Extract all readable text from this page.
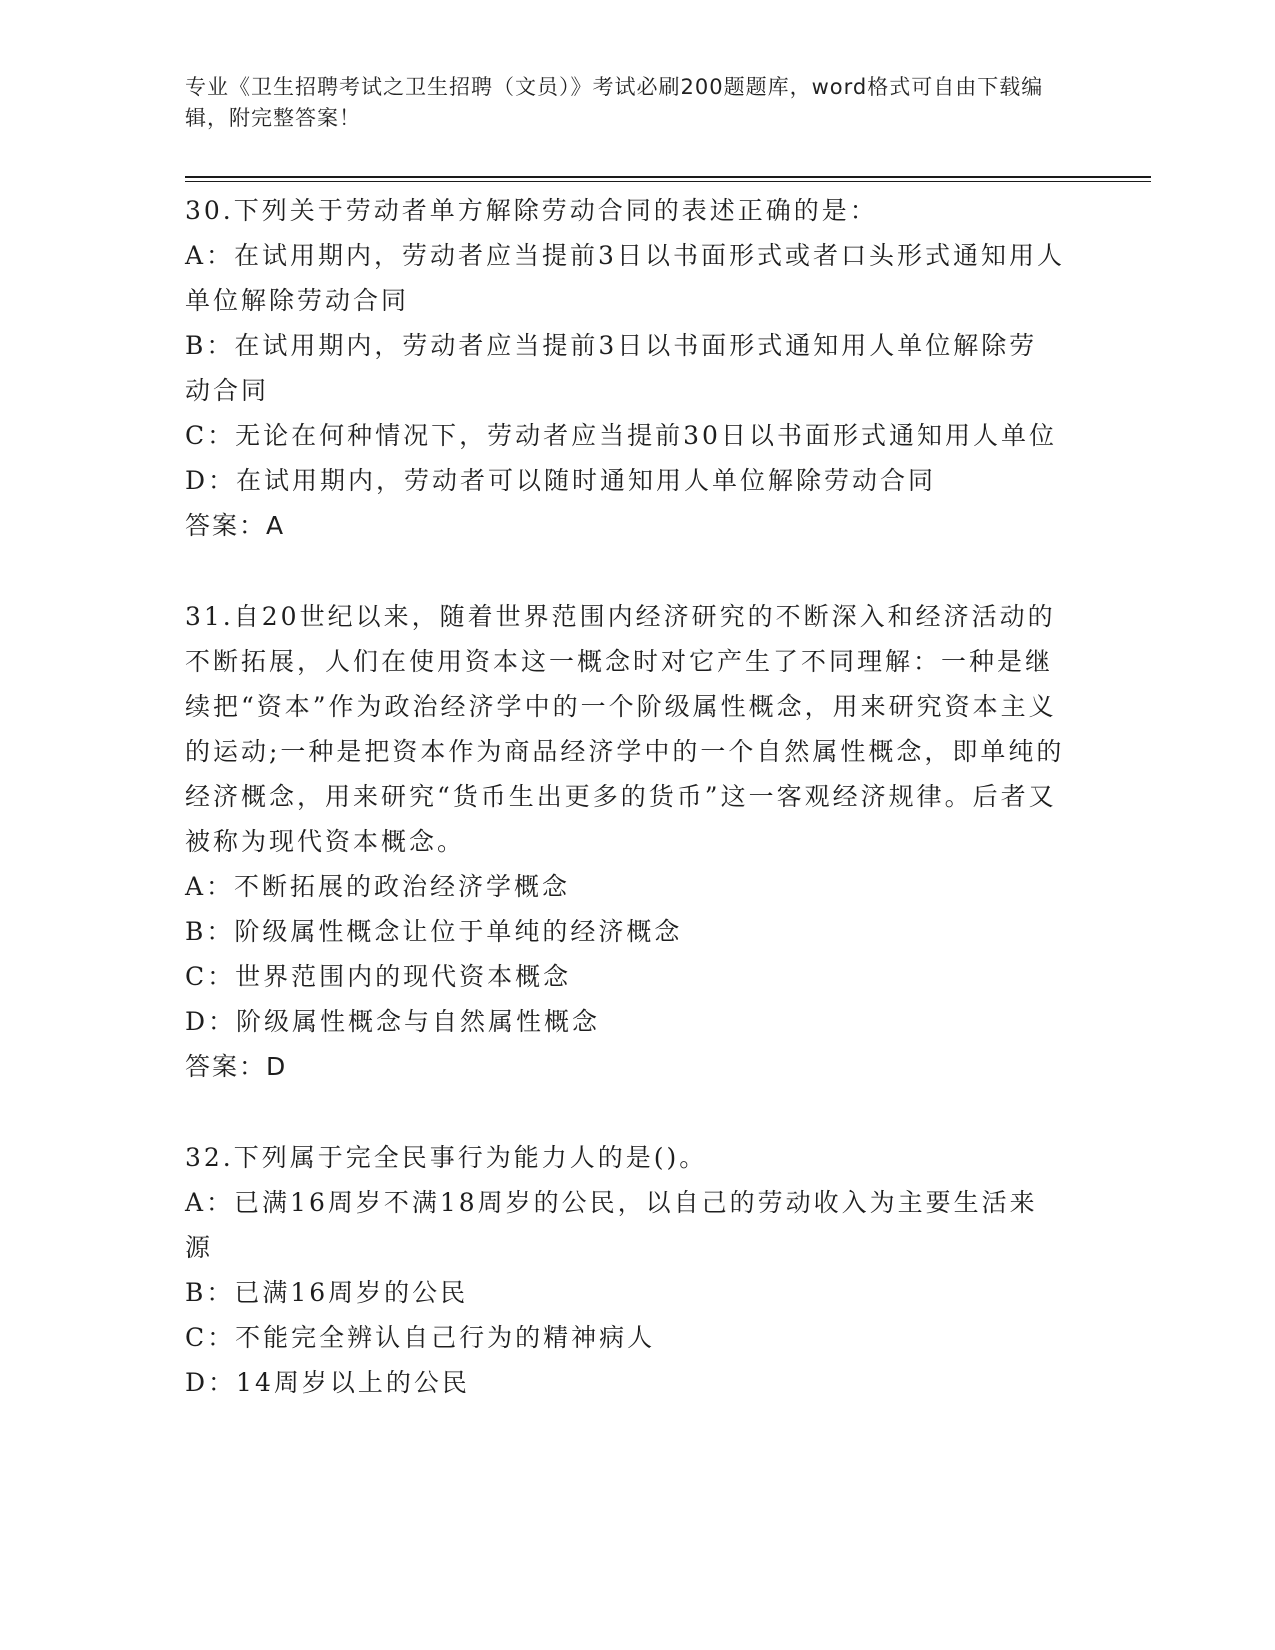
专业《卫生招聘考试之卫生招聘（文员）》考试必刷200题题库，word格式可自由下载编辑，附完整答案！

30.下列关于劳动者单方解除劳动合同的表述正确的是：

A：在试用期内，劳动者应当提前3日以书面形式或者口头形式通知用人单位解除劳动合同

B：在试用期内，劳动者应当提前3日以书面形式通知用人单位解除劳动合同

C：无论在何种情况下，劳动者应当提前30日以书面形式通知用人单位

D：在试用期内，劳动者可以随时通知用人单位解除劳动合同

答案：A

31.自20世纪以来，随着世界范围内经济研究的不断深入和经济活动的不断拓展，人们在使用资本这一概念时对它产生了不同理解：一种是继续把“资本”作为政治经济学中的一个阶级属性概念，用来研究资本主义的运动;一种是把资本作为商品经济学中的一个自然属性概念，即单纯的经济概念，用来研究“货币生出更多的货币”这一客观经济规律。后者又被称为现代资本概念。

A：不断拓展的政治经济学概念

B：阶级属性概念让位于单纯的经济概念

C：世界范围内的现代资本概念

D：阶级属性概念与自然属性概念

答案：D

32.下列属于完全民事行为能力人的是()。

A：已满16周岁不满18周岁的公民，以自己的劳动收入为主要生活来源

B：已满16周岁的公民

C：不能完全辨认自己行为的精神病人

D：14周岁以上的公民
